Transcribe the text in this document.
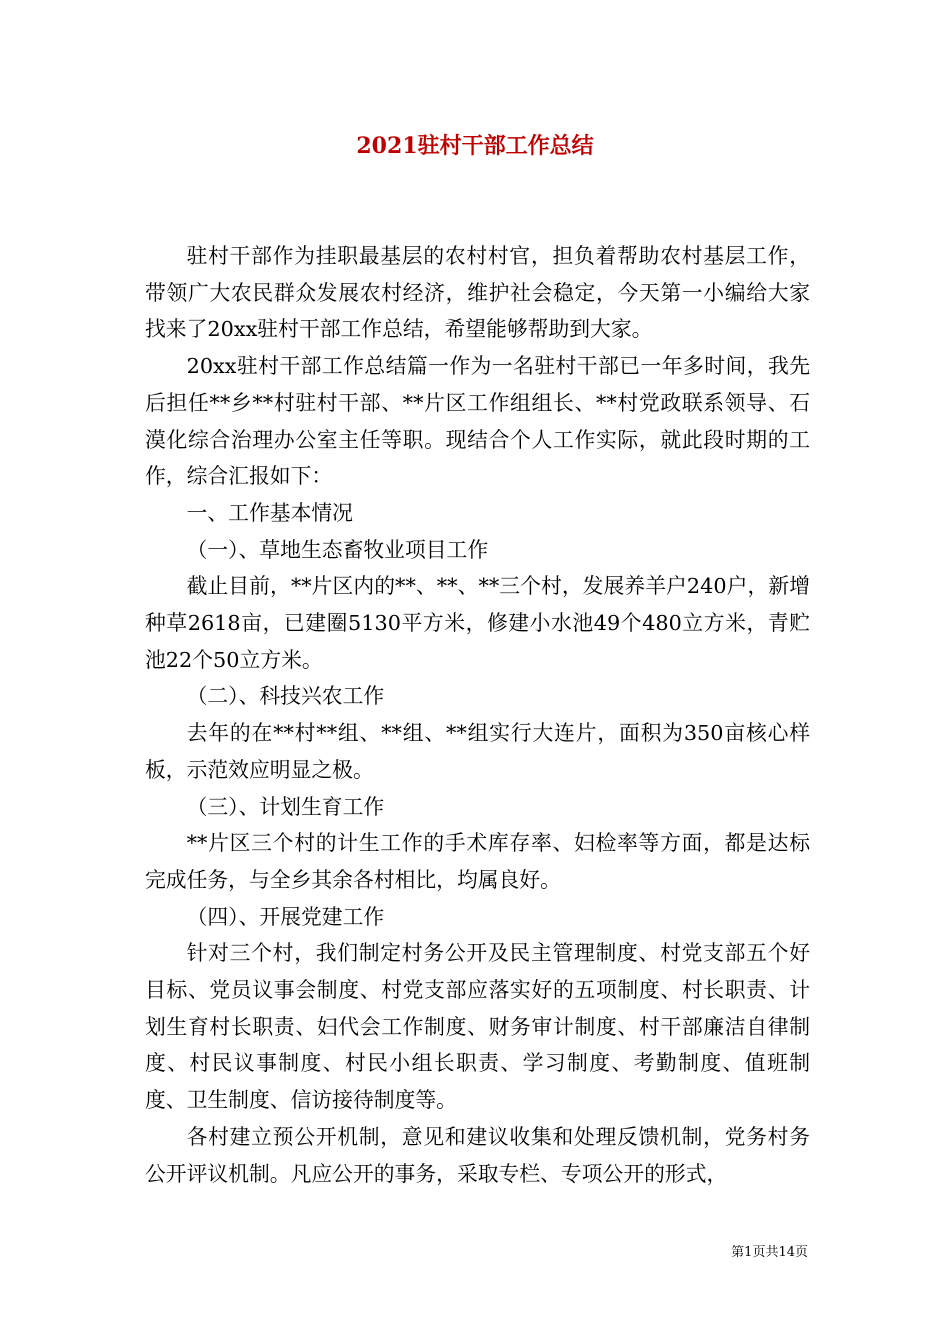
2021驻村干部工作总结

驻村干部作为挂职最基层的农村村官，担负着帮助农村基层工作，带领广大农民群众发展农村经济，维护社会稳定，今天第一小编给大家找来了20xx驻村干部工作总结，希望能够帮助到大家。

20xx驻村干部工作总结篇一作为一名驻村干部已一年多时间，我先后担任**乡**村驻村干部、**片区工作组组长、**村党政联系领导、石漠化综合治理办公室主任等职。现结合个人工作实际，就此段时期的工作，综合汇报如下：

一、工作基本情况

（一）、草地生态畜牧业项目工作

截止目前，**片区内的**、**、**三个村，发展养羊户240户，新增种草2618亩，已建圈5130平方米，修建小水池49个480立方米，青贮池22个50立方米。

（二）、科技兴农工作

去年的在**村**组、**组、**组实行大连片，面积为350亩核心样板，示范效应明显之极。

（三）、计划生育工作

**片区三个村的计生工作的手术库存率、妇检率等方面，都是达标完成任务，与全乡其余各村相比，均属良好。

（四）、开展党建工作

针对三个村，我们制定村务公开及民主管理制度、村党支部五个好目标、党员议事会制度、村党支部应落实好的五项制度、村长职责、计划生育村长职责、妇代会工作制度、财务审计制度、村干部廉洁自律制度、村民议事制度、村民小组长职责、学习制度、考勤制度、值班制度、卫生制度、信访接待制度等。

各村建立预公开机制，意见和建议收集和处理反馈机制，党务村务公开评议机制。凡应公开的事务，采取专栏、专项公开的形式，

第1页共14页
